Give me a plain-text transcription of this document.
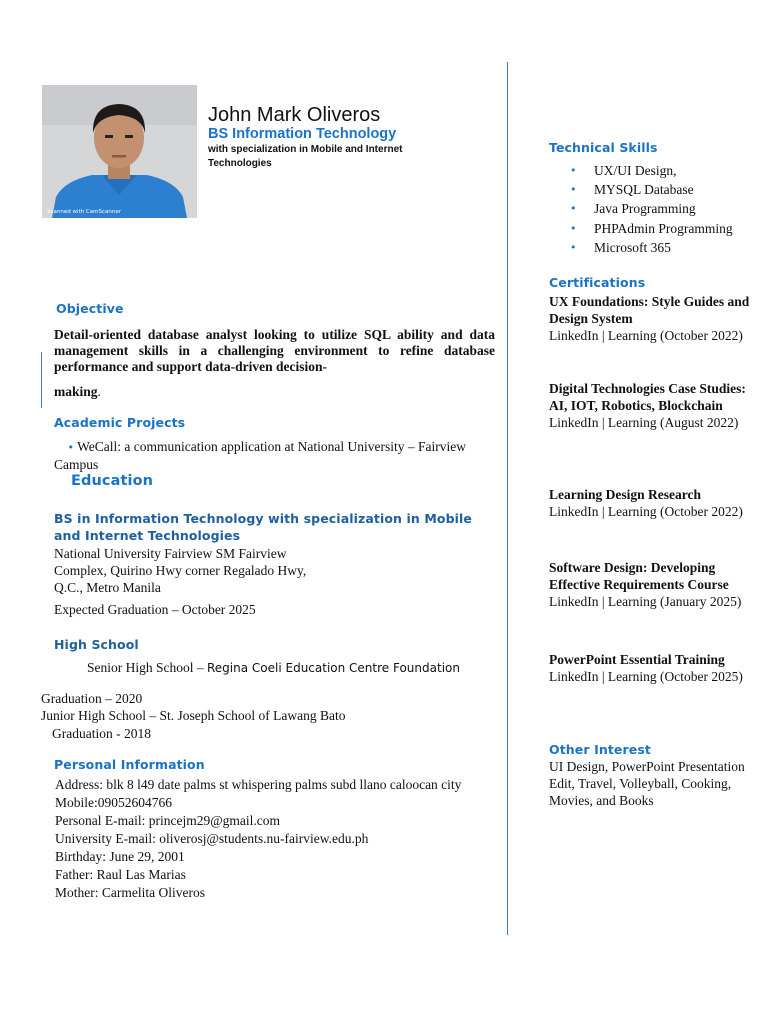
Scanned with CamScanner
John Mark Oliveros
BS Information Technology
with specialization in Mobile and Internet Technologies
Objective
Detail-oriented database analyst looking to utilize SQL ability and data management skills in a challenging environment to refine database performance and support data-driven decision-
making.
Academic Projects
• WeCall: a communication application at National University – Fairview Campus
Education
BS in Information Technology with specialization in Mobile and Internet Technologies
National University Fairview SM Fairview
Complex, Quirino Hwy corner Regalado Hwy,
Q.C., Metro Manila
Expected Graduation – October 2025
High School
Senior High School – Regina Coeli Education Centre Foundation
Graduation – 2020
Junior High School – St. Joseph School of Lawang Bato
Graduation - 2018
Personal Information
Address: blk 8 l49 date palms st whispering palms subd llano caloocan city
Mobile:09052604766
Personal E-mail: princejm29@gmail.com
University E-mail: oliverosj@students.nu-fairview.edu.ph
Birthday: June 29, 2001
Father: Raul Las Marias
Mother: Carmelita Oliveros
Technical Skills
• UX/UI Design,
• MYSQL Database
• Java Programming
• PHPAdmin Programming
• Microsoft 365
Certifications
UX Foundations: Style Guides and Design System
LinkedIn | Learning (October 2022)
Digital Technologies Case Studies: AI, IOT, Robotics, Blockchain
LinkedIn | Learning (August 2022)
Learning Design Research
LinkedIn | Learning (October 2022)
Software Design: Developing Effective Requirements Course
LinkedIn | Learning (January 2025)
PowerPoint Essential Training
LinkedIn | Learning (October 2025)
Other Interest
UI Design, PowerPoint Presentation Edit, Travel, Volleyball, Cooking, Movies, and Books
